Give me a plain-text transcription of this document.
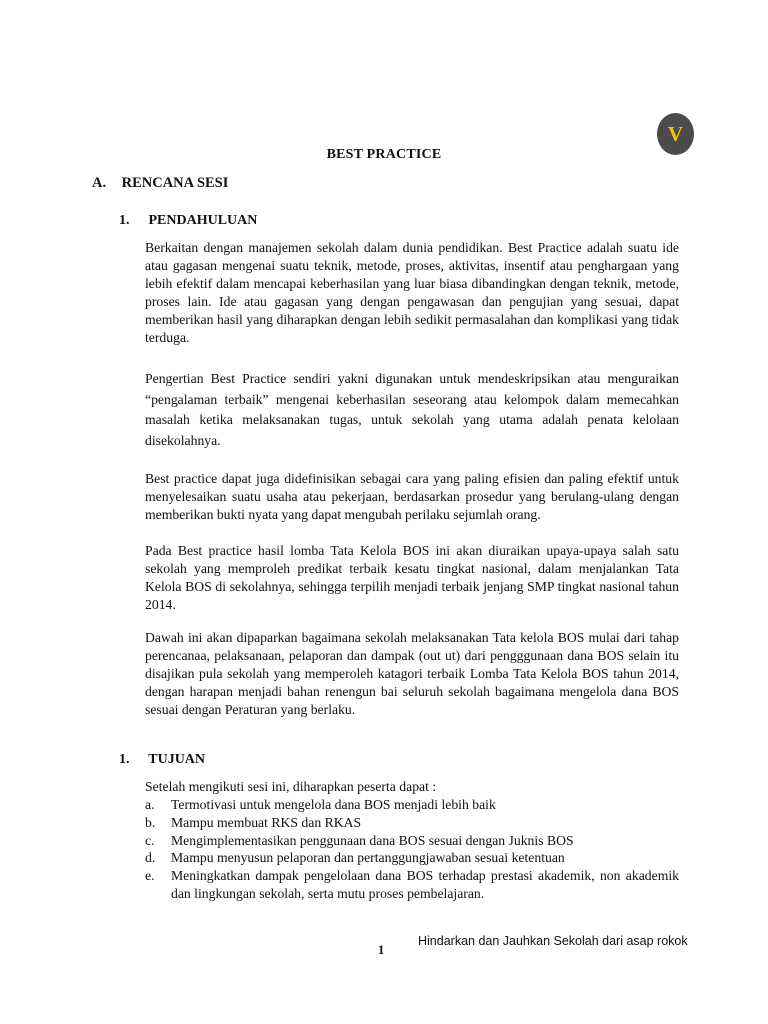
V
BEST PRACTICE
A. RENCANA SESI
1. PENDAHULUAN

Berkaitan dengan manajemen sekolah dalam dunia pendidikan. Best Practice adalah suatu ide atau gagasan mengenai suatu teknik, metode, proses, aktivitas, insentif atau penghargaan yang lebih efektif dalam mencapai keberhasilan yang luar biasa dibandingkan dengan teknik, metode, proses lain. Ide atau gagasan yang dengan pengawasan dan pengujian yang sesuai, dapat memberikan hasil yang diharapkan dengan lebih sedikit permasalahan dan komplikasi yang tidak terduga.

Pengertian Best Practice sendiri yakni digunakan untuk mendeskripsikan atau menguraikan “pengalaman terbaik” mengenai keberhasilan seseorang atau kelompok dalam memecahkan masalah ketika melaksanakan tugas, untuk sekolah yang utama adalah penata kelolaan disekolahnya.

Best practice dapat juga didefinisikan sebagai cara yang paling efisien dan paling efektif untuk menyelesaikan suatu usaha atau pekerjaan, berdasarkan prosedur yang berulang-ulang dengan memberikan bukti nyata yang dapat mengubah perilaku sejumlah orang.

Pada Best practice hasil lomba Tata Kelola BOS ini akan diuraikan upaya-upaya salah satu sekolah yang memproleh predikat terbaik kesatu tingkat nasional, dalam menjalankan Tata Kelola BOS di sekolahnya, sehingga terpilih menjadi terbaik jenjang SMP tingkat nasional tahun 2014.

Dawah ini akan dipaparkan bagaimana sekolah melaksanakan Tata kelola BOS mulai dari tahap perencanaa, pelaksanaan, pelaporan dan dampak (out ut) dari pengggunaan dana BOS selain itu disajikan pula sekolah yang memperoleh katagori terbaik Lomba Tata Kelola BOS tahun 2014, dengan harapan menjadi bahan renengun bai seluruh sekolah bagaimana mengelola dana BOS sesuai dengan Peraturan yang berlaku.

1. TUJUAN

Setelah mengikuti sesi ini, diharapkan peserta dapat :

a. Termotivasi untuk mengelola dana BOS menjadi lebih baik
b. Mampu membuat RKS dan RKAS
c. Mengimplementasikan penggunaan dana BOS sesuai dengan Juknis BOS
d. Mampu menyusun pelaporan dan pertanggungjawaban sesuai ketentuan
e. Meningkatkan dampak pengelolaan dana BOS terhadap prestasi akademik, non akademik dan lingkungan sekolah, serta mutu proses pembelajaran.
Hindarkan dan Jauhkan Sekolah dari asap rokok
1
